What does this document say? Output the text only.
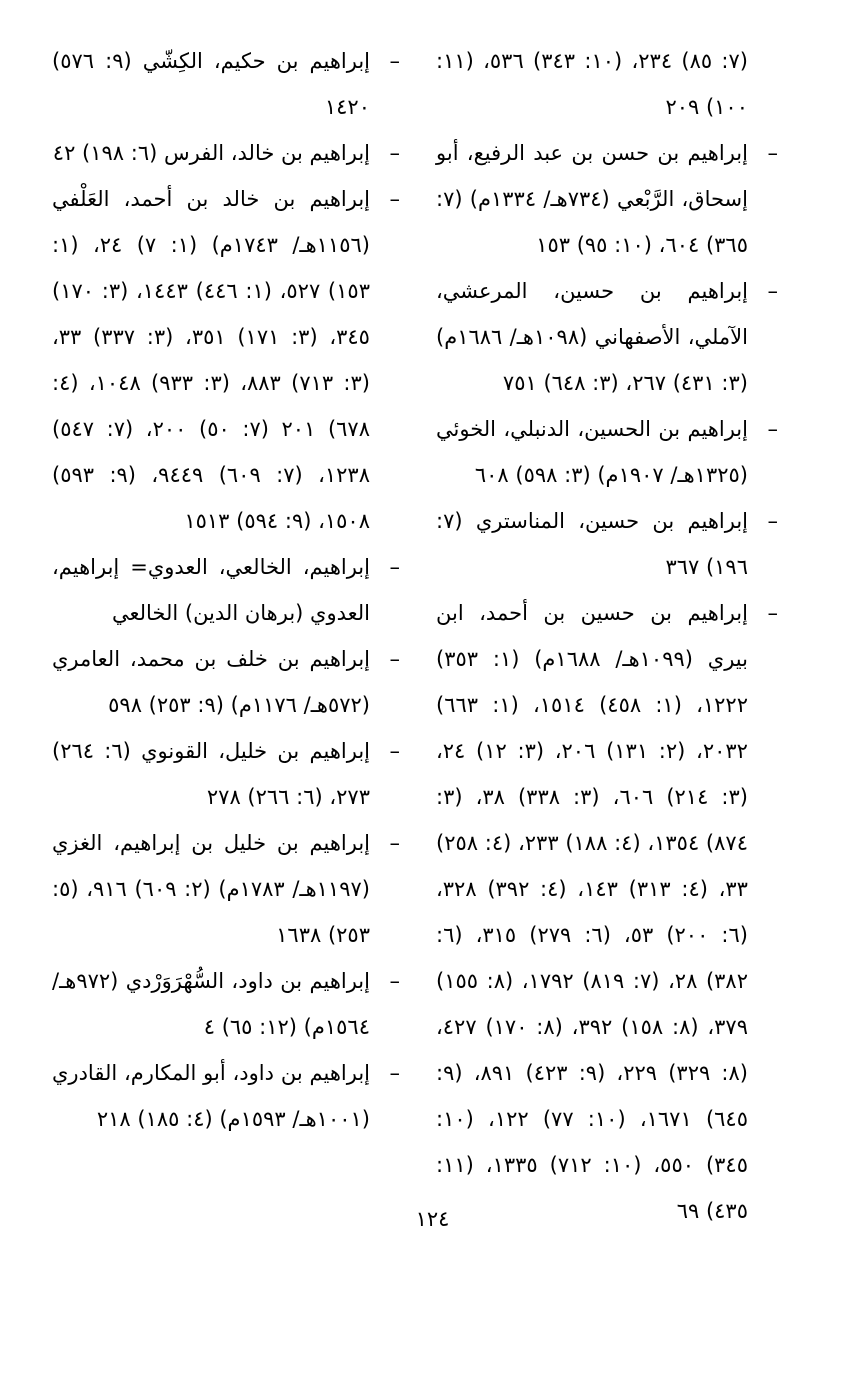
(٧: ٨٥) ٢٣٤، (١٠: ٣٤٣) ٥٣٦، (١١: ١٠٠) ٢٠٩

–
إبراهيم بن حسن بن عبد الرفيع، أبو إسحاق، الرَّبْعي (٧٣٤هـ/ ١٣٣٤م) (٧: ٣٦٥) ٦٠٤، (١٠: ٩٥) ١٥٣

–
إبراهيم بن حسين، المرعشي، الآملي، الأصفهاني (١٠٩٨هـ/ ١٦٨٦م) (٣: ٤٣١) ٢٦٧، (٣: ٦٤٨) ٧٥١

–
إبراهيم بن الحسين، الدنبلي، الخوئي (١٣٢٥هـ/ ١٩٠٧م) (٣: ٥٩٨) ٦٠٨

–
إبراهيم بن حسين، المناستري (٧: ١٩٦) ٣٦٧

–
إبراهيم بن حسين بن أحمد، ابن بيري (١٠٩٩هـ/ ١٦٨٨م) (١: ٣٥٣) ١٢٢٢، (١: ٤٥٨) ١٥١٤، (١: ٦٦٣) ٢٠٣٢، (٢: ١٣١) ٢٠٦، (٣: ١٢) ٢٤، (٣: ٢١٤) ٦٠٦، (٣: ٣٣٨) ٣٨، (٣: ٨٧٤) ١٣٥٤، (٤: ١٨٨) ٢٣٣، (٤: ٢٥٨) ٣٣، (٤: ٣١٣) ١٤٣، (٤: ٣٩٢) ٣٢٨، (٦: ٢٠٠) ٥٣، (٦: ٢٧٩) ٣١٥، (٦: ٣٨٢) ٢٨، (٧: ٨١٩) ١٧٩٢، (٨: ١٥٥) ٣٧٩، (٨: ١٥٨) ٣٩٢، (٨: ١٧٠) ٤٢٧، (٨: ٣٢٩) ٢٢٩، (٩: ٤٢٣) ٨٩١، (٩: ٦٤٥) ١٦٧١، (١٠: ٧٧) ١٢٢، (١٠: ٣٤٥) ٥٥٠، (١٠: ٧١٢) ١٣٣٥، (١١: ٤٣٥) ٦٩

–
إبراهيم بن حكيم، الكِشّي (٩: ٥٧٦) ١٤٢٠

–
إبراهيم بن خالد، الفرس (٦: ١٩٨) ٤٢

–
إبراهيم بن خالد بن أحمد، العَلْفي (١١٥٦هـ/ ١٧٤٣م) (١: ٧) ٢٤، (١: ١٥٣) ٥٢٧، (١: ٤٤٦) ١٤٤٣، (٣: ١٧٠) ٣٤٥، (٣: ١٧١) ٣٥١، (٣: ٣٣٧) ٣٣، (٣: ٧١٣) ٨٨٣، (٣: ٩٣٣) ١٠٤٨، (٤: ٦٧٨) ٢٠١ (٧: ٥٠) ٢٠٠، (٧: ٥٤٧) ١٢٣٨، (٧: ٦٠٩) ٩٤٤٩، (٩: ٥٩٣) ١٥٠٨، (٩: ٥٩٤) ١٥١٣

–
إبراهيم، الخالعي، العدوي= إبراهيم، العدوي (برهان الدين) الخالعي

–
إبراهيم بن خلف بن محمد، العامري (٥٧٢هـ/ ١١٧٦م) (٩: ٢٥٣) ٥٩٨

–
إبراهيم بن خليل، القونوي (٦: ٢٦٤) ٢٧٣، (٦: ٢٦٦) ٢٧٨

–
إبراهيم بن خليل بن إبراهيم، الغزي (١١٩٧هـ/ ١٧٨٣م) (٢: ٦٠٩) ٩١٦، (٥: ٢٥٣) ١٦٣٨

–
إبراهيم بن داود، السُّهْرَوَرْدي (٩٧٢هـ/ ١٥٦٤م) (١٢: ٦٥) ٤

–
إبراهيم بن داود، أبو المكارم، القادري (١٠٠١هـ/ ١٥٩٣م) (٤: ١٨٥) ٢١٨

١٢٤
